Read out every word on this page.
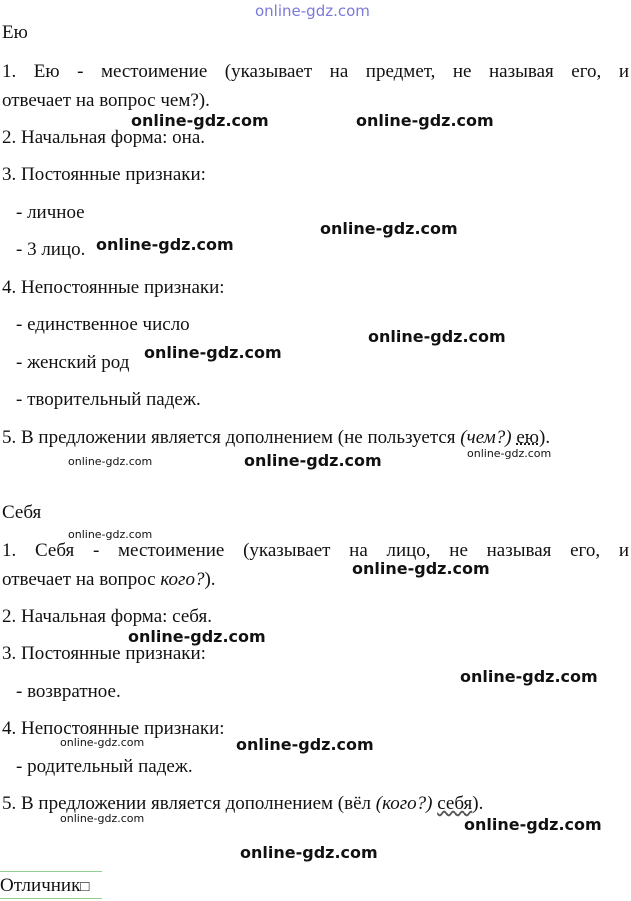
online-gdz.com
Ею
1. Ею - местоимение (указывает на предмет, не называя его, и
отвечает на вопрос чем?).
2. Начальная форма: она.
3. Постоянные признаки:
- личное
- 3 лицо.
4. Непостоянные признаки:
- единственное число
- женский род
- творительный падеж.
5. В предложении является дополнением (не пользуется (чем?) ею).
Себя
1. Себя - местоимение (указывает на лицо, не называя его, и
отвечает на вопрос кого?).
2. Начальная форма: себя.
3. Постоянные признаки:
- возвратное.
4. Непостоянные признаки:
- родительный падеж.
5. В предложении является дополнением (вёл (кого?) себя).
Отличник□
online-gdz.com	online-gdz.com
online-gdz.com
online-gdz.com
online-gdz.com
online-gdz.com
online-gdz.com
online-gdz.com
online-gdz.com
online-gdz.com
online-gdz.com
online-gdz.com
online-gdz.com
online-gdz.com
online-gdz.com
online-gdz.com	online-gdz.com
online-gdz.com
